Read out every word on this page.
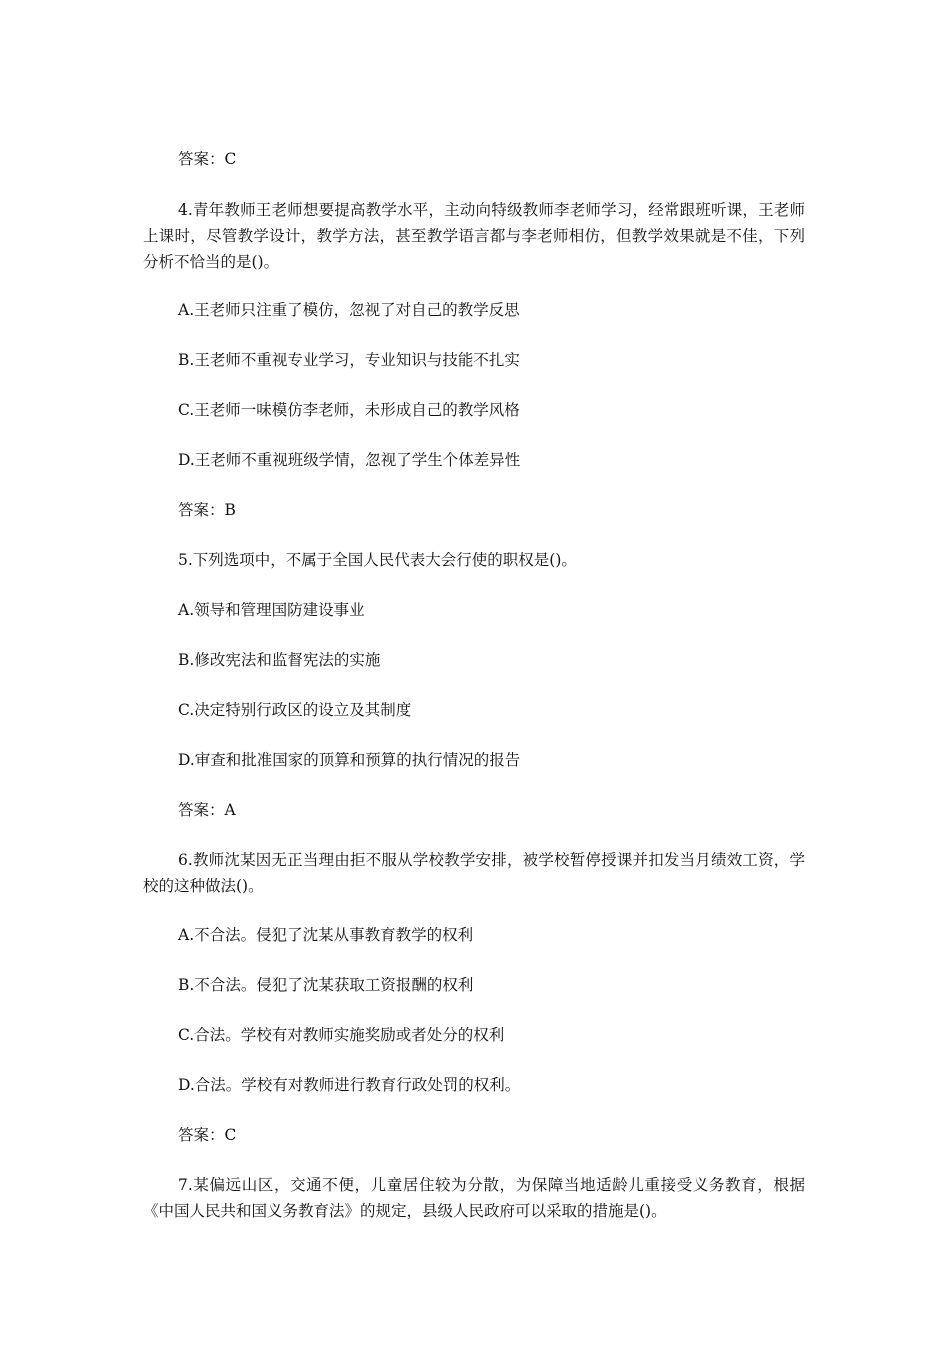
答案：C
4.青年教师王老师想要提高教学水平，主动向特级教师李老师学习，经常跟班听课，王老师上课时，尽管教学设计，教学方法，甚至教学语言都与李老师相仿，但教学效果就是不佳，下列分析不恰当的是()。
A.王老师只注重了模仿，忽视了对自己的教学反思
B.王老师不重视专业学习，专业知识与技能不扎实
C.王老师一味模仿李老师，未形成自己的教学风格
D.王老师不重视班级学情，忽视了学生个体差异性
答案：B
5.下列选项中，不属于全国人民代表大会行使的职权是()。
A.领导和管理国防建设事业
B.修改宪法和监督宪法的实施
C.决定特别行政区的设立及其制度
D.审查和批准国家的顶算和预算的执行情况的报告
答案：A
6.教师沈某因无正当理由拒不服从学校教学安排，被学校暂停授课并扣发当月绩效工资，学校的这种做法()。
A.不合法。侵犯了沈某从事教育教学的权利
B.不合法。侵犯了沈某获取工资报酬的权利
C.合法。学校有对教师实施奖励或者处分的权利
D.合法。学校有对教师进行教育行政处罚的权利。
答案：C
7.某偏远山区，交通不便，儿童居住较为分散，为保障当地适龄儿重接受义务教育，根据《中国人民共和国义务教育法》的规定，县级人民政府可以采取的措施是()。
